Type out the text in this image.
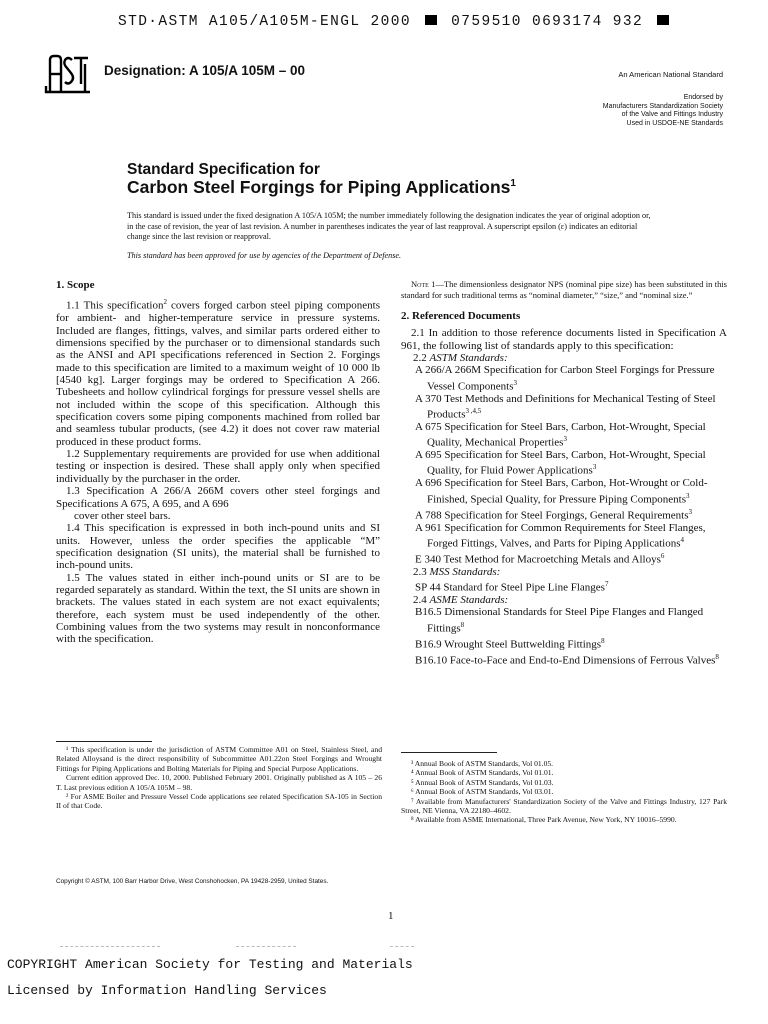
STD·ASTM A105/A105M-ENGL 2000	0759510 0693174 932
Designation: A 105/A 105M – 00	An American National Standard
Endorsed by
Manufacturers Standardization Society
of the Valve and Fittings Industry
Used in USDOE-NE Standards
Standard Specification for
Carbon Steel Forgings for Piping Applications$^1$
This standard is issued under the fixed designation A 105/A 105M; the number immediately following the designation indicates the year of original adoption or, in the case of revision, the year of last revision. A number in parentheses indicates the year of last reapproval. A superscript epsilon (ε) indicates an editorial change since the last revision or reapproval.
This standard has been approved for use by agencies of the Department of Defense.

1. Scope

1.1 This specification$^2$ covers forged carbon steel piping components for ambient- and higher-temperature service in pressure systems. Included are flanges, fittings, valves, and similar parts ordered either to dimensions specified by the purchaser or to dimensional standards such as the ANSI and API specifications referenced in Section 2. Forgings made to this specification are limited to a maximum weight of 10 000 lb [4540 kg]. Larger forgings may be ordered to Specification A 266. Tubesheets and hollow cylindrical forgings for pressure vessel shells are not included within the scope of this specification. Although this specification covers some piping components machined from rolled bar and seamless tubular products, (see 4.2) it does not cover raw material produced in these product forms.

1.2 Supplementary requirements are provided for use when additional testing or inspection is desired. These shall apply only when specified individually by the purchaser in the order.

1.3 Specification A 266/A 266M covers other steel forgings and Specifications A 675, A 695, and A 696

cover other steel bars.

1.4 This specification is expressed in both inch-pound units and SI units. However, unless the order specifies the applicable “M” specification designation (SI units), the material shall be furnished to inch-pound units.

1.5 The values stated in either inch-pound units or SI are to be regarded separately as standard. Within the text, the SI units are shown in brackets. The values stated in each system are not exact equivalents; therefore, each system must be used independently of the other. Combining values from the two systems may result in nonconformance with the specification.

Note 1—The dimensionless designator NPS (nominal pipe size) has been substituted in this standard for such traditional terms as “nominal diameter,” “size,” and “nominal size.”

2. Referenced Documents

2.1 In addition to those reference documents listed in Specification A 961, the following list of standards apply to this specification:

2.2 ASTM Standards:

A 266/A 266M Specification for Carbon Steel Forgings for Pressure Vessel Components$^3$

A 370 Test Methods and Definitions for Mechanical Testing of Steel Products$^{3 ,4,5}$

A 675 Specification for Steel Bars, Carbon, Hot-Wrought, Special Quality, Mechanical Properties$^3$

A 695 Specification for Steel Bars, Carbon, Hot-Wrought, Special Quality, for Fluid Power Applications$^3$

A 696 Specification for Steel Bars, Carbon, Hot-Wrought or Cold-Finished, Special Quality, for Pressure Piping Components$^3$

A 788 Specification for Steel Forgings, General Requirements$^3$

A 961 Specification for Common Requirements for Steel Flanges, Forged Fittings, Valves, and Parts for Piping Applications$^4$

E 340 Test Method for Macroetching Metals and Alloys$^6$

2.3 MSS Standards:

SP 44 Standard for Steel Pipe Line Flanges$^7$

2.4 ASME Standards:

B16.5 Dimensional Standards for Steel Pipe Flanges and Flanged Fittings$^8$

B16.9 Wrought Steel Buttwelding Fittings$^8$

B16.10 Face-to-Face and End-to-End Dimensions of Ferrous Valves$^8$

¹ This specification is under the jurisdiction of ASTM Committee A01 on Steel, Stainless Steel, and Related Alloysand is the direct responsibility of Subcommittee A01.22on Steel Forgings and Wrought Fittings for Piping Applications and Bolting Materials for Piping and Special Purpose Applications.

Current edition approved Dec. 10, 2000. Published February 2001. Originally published as A 105 – 26 T. Last previous edition A 105/A 105M – 98.

² For ASME Boiler and Pressure Vessel Code applications see related Specification SA-105 in Section II of that Code.

³ Annual Book of ASTM Standards, Vol 01.05.

⁴ Annual Book of ASTM Standards, Vol 01.01.

⁵ Annual Book of ASTM Standards, Vol 01.03.

⁶ Annual Book of ASTM Standards, Vol 03.01.

⁷ Available from Manufacturers' Standardization Society of the Valve and Fittings Industry, 127 Park Street, NE Vienna, VA 22180–4602.

⁸ Available from ASME International, Three Park Avenue, New York, NY 10016–5990.

Copyright © ASTM, 100 Barr Harbor Drive, West Conshohocken, PA 19428-2959, United States.
1
COPYRIGHT American Society for Testing and Materials
Licensed by Information Handling Services
